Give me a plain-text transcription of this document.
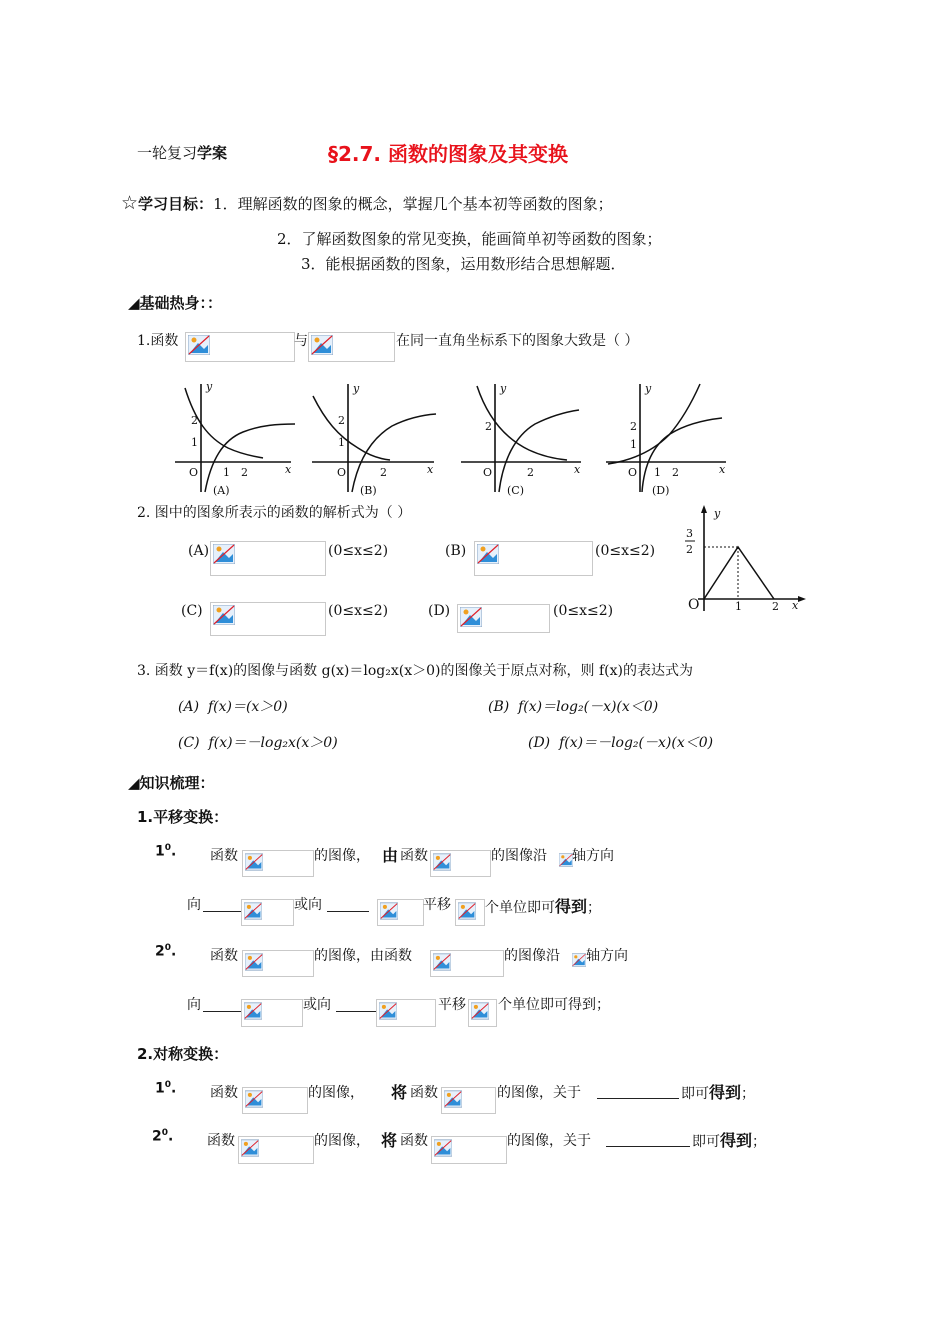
一轮复习学案	§2.7. 函数的图象及其变换
☆学习目标：1．理解函数的图象的概念，掌握几个基本初等函数的图象；
2．了解函数图象的常见变换，能画简单初等函数的图象；
3．能根据函数的图象，运用数形结合思想解题．
◢基础热身：：
1.函数	与	在同一直角坐标系下的图象大致是（ ）
y
x
O
2
1
1 2
(A)
y
x
O
2
1
2
(B)
y
x
O
2
2
(C)
y
x
O
2
1
1 2
(D)
2. 图中的图象所表示的函数的解析式为（ ）
(A)	(0≤x≤2)	(B)	(0≤x≤2)
(C)	(0≤x≤2)	(D)	(0≤x≤2)
y
x
3
2
O	1	2
3. 函数 y＝f(x)的图像与函数 g(x)＝log₂x(x＞0)的图像关于原点对称，则 f(x)的表达式为
(A) f(x)＝(x＞0)	(B) f(x)＝log₂(－x)(x＜0)
(C) f(x)＝－log₂x(x＞0)	(D) f(x)＝－log₂(－x)(x＜0)
◢知识梳理：
1.平移变换：
$1^0$. 函数	的图像， 由 函数	的图像沿 轴方向
向	或向	平移 个单位即可得到；
$2^0$. 函数	的图像，由函数	的图像沿 轴方向
向	或向	平移 个单位即可得到；
2.对称变换：
$1^0$. 函数	的图像， 将 函数	的图像，关于	即可得到；
$2^0$. 函数	的图像， 将 函数	的图像，关于	即可得到；
